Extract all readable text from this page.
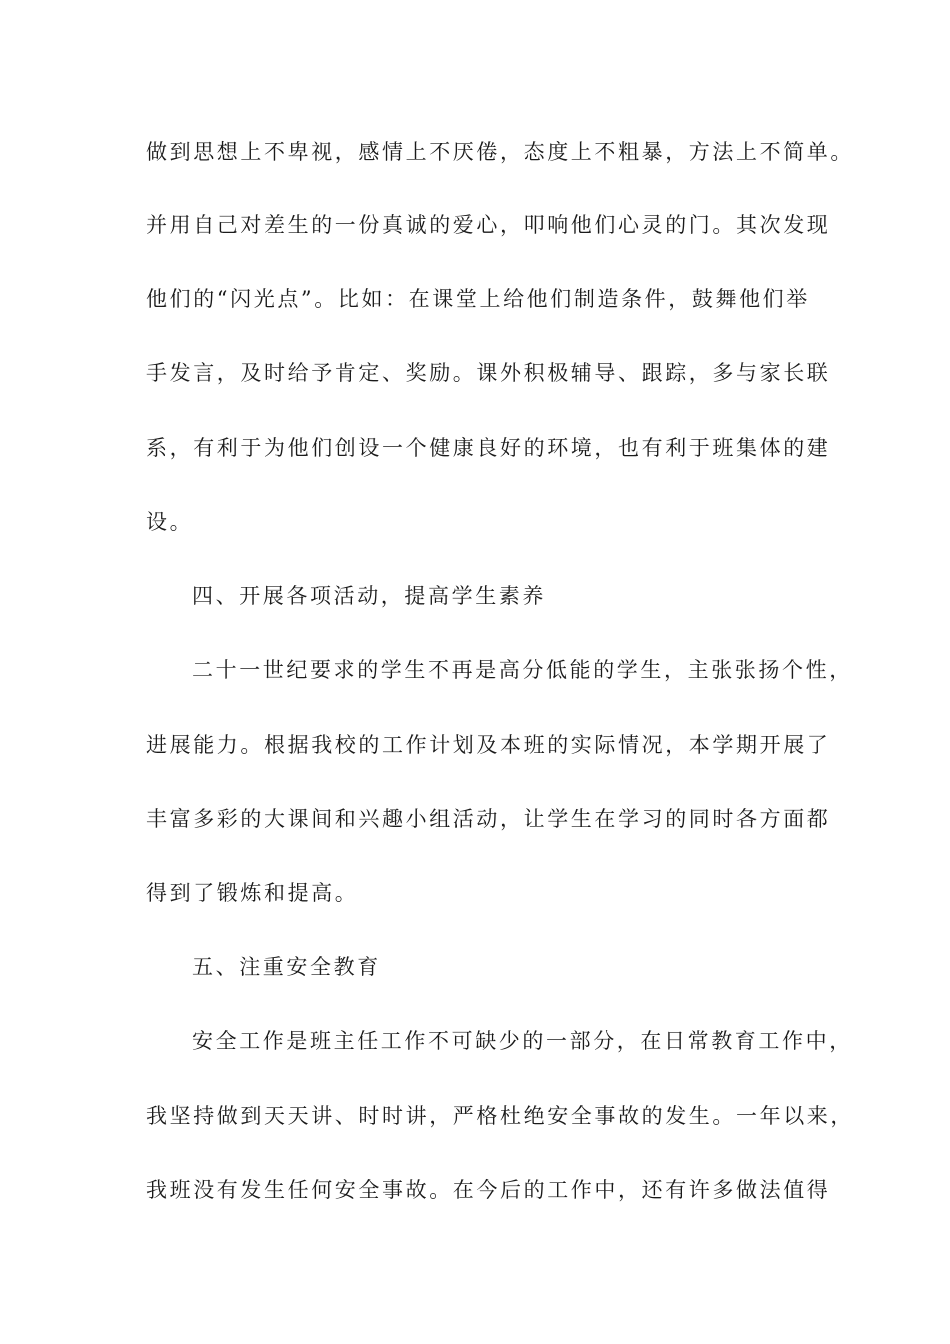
做到思想上不卑视，感情上不厌倦，态度上不粗暴，方法上不简单。
并用自己对差生的一份真诚的爱心，叩响他们心灵的门。其次发现
他们的“闪光点”。比如：在课堂上给他们制造条件，鼓舞他们举
手发言，及时给予肯定、奖励。课外积极辅导、跟踪，多与家长联
系，有利于为他们创设一个健康良好的环境，也有利于班集体的建
设。
四、开展各项活动，提高学生素养
二十一世纪要求的学生不再是高分低能的学生，主张张扬个性，
进展能力。根据我校的工作计划及本班的实际情况，本学期开展了
丰富多彩的大课间和兴趣小组活动，让学生在学习的同时各方面都
得到了锻炼和提高。
五、注重安全教育
安全工作是班主任工作不可缺少的一部分，在日常教育工作中，
我坚持做到天天讲、时时讲，严格杜绝安全事故的发生。一年以来，
我班没有发生任何安全事故。在今后的工作中，还有许多做法值得
